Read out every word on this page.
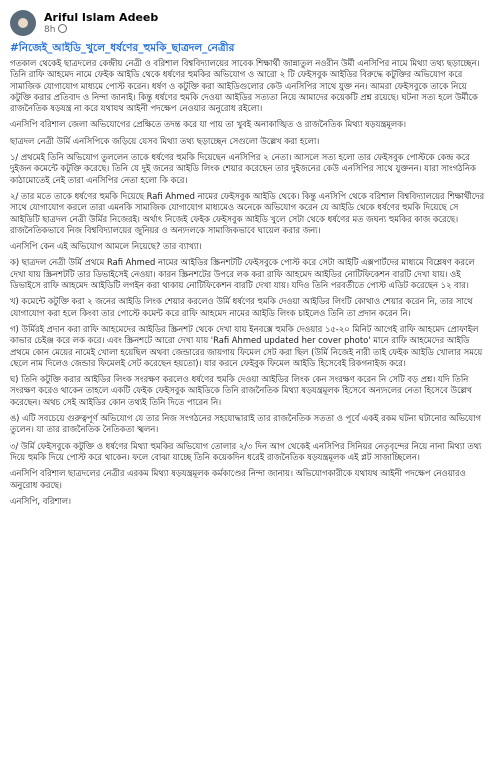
Ariful Islam Adeeb
8h
#নিজেই_আইডি_খুলে_ধর্ষণের_হুমকি_ছাত্রদল_নেত্রীর

গতকাল থেকেই ছাত্রদলের কেন্দ্রীয় নেত্রী ও বরিশাল বিশ্ববিদ্যালয়ের সাবেক শিক্ষার্থী জান্নাতুল নওরীন উর্মী এনসিপির নামে মিথ্যা তথ্য ছড়াচ্ছেন। তিনি রাফি আহমেদ নামে ফেইক আইডি থেকে ধর্ষণের হুমকির অভিযোগ ও আরো ২ টি ফেইসবুক আইডির বিরুদ্ধে কটুক্তির অভিযোগ করে সামাজিক যোগাযোগ মাধ্যমে পোস্ট করেন। ধর্ষণ ও কটুক্তি করা আইডিগুলোর কেউ এনসিপির সাথে যুক্ত নন। আমরা ফেইসবুকে তাকে নিয়ে কটুক্তি করার প্রতিবাদ ও নিন্দা জানাই। কিন্তু ধর্ষণের হুমকি দেওয়া আইডির সত্যতা নিয়ে আমাদের কয়েকটি প্রশ্ন রয়েছে। ঘটনা সত্য হলে উর্মীকে রাজনৈতিক ষড়যন্ত্র না করে যথাযথ আইনী পদক্ষেপ নেওয়ার অনুরোধ রইলো।

এনসিপি বরিশাল জেলা অভিযোগের প্রেক্ষিতে তদন্ত করে যা পায় তা খুবই অনাকাঙ্খিত ও রাজনৈতিক মিথ্যা ষড়যন্ত্রমূলক।

ছাত্রদল নেত্রী উর্মি এনসিপিকে জড়িয়ে যেসব মিথ্যা তথ্য ছড়াচ্ছেন সেগুলো উল্লেখ করা হলো।

১/ প্রথমেই তিনি অভিযোগ তুললেন তাকে ধর্ষণের হুমকি দিয়েছেন এনসিপির ২ নেতা। আসলে সত্য হলো তার ফেইসবুক পোস্টকে কেন্দ্র করে দুইজন কমেন্টে কটুক্তি করেছে। তিনি যে দুই জনের আইডি লিংক শেয়ার করেছেন তার দুইজনের কেউ এনসিপির সাথে যুক্তনন। যারা সাংগঠনিক কাঠামোতেই নেই তারা এনসিপির নেতা হলো কি করে।

২/ তার মতে তাকে ধর্ষণের হুমকি দিয়েছে Rafi Ahmed নামের ফেইসবুক আইডি থেকে। কিন্তু এনসিপি থেকে বরিশাল বিশ্ববিদ্যালয়ের শিক্ষার্থীদের সাথে যোগাযোগ করলে তারা এমনকি সামাজিক যোগাযোগ মাধ্যমেও অনেকে অভিযোগ করেন যে আইডি থেকে ধর্ষণের হুমকি দিয়েছে সে আইডিটি ছাত্রদল নেত্রী উর্মির নিজেরই। অর্থাৎ নিজেই ফেইক ফেইসবুক আইডি খুলে সেটা থেকে ধর্ষণের মত জঘন্য হুমকির কাজ করেছে। রাজনৈতিকভাবে নিজ বিশ্ববিদ্যালয়ের জুনিয়র ও অন্যদলকে সামাজিকভাবে ঘায়েল করার জন্য।

এনসিপি কেন এই অভিযোগ আমলে নিয়েছে? তার ব্যাখ্যা।

ক) ছাত্রদল নেত্রী উর্মি প্রথমে Rafi Ahmed নামের আইডির স্ক্রিনশটটি ফেইসবুকে পোস্ট করে সেটা আইটি এক্সপার্টদের মাধ্যমে বিশ্লেষণ করলে দেখা যায় স্ক্রিনশটটি তার ডিভাইসেই নেওয়া। কারন স্ক্রিনশটের উপরে লক করা রাফি আহমেদ আইডির নোটিফিকেশন বারটি দেখা যায়। ওই ডিভাইসে রাফি আহমেদ আইডিটি লগইন করা থাকায় নোটিফিকেশন বারটি দেখা যায়। যদিও তিনি পরবর্তীতে পোস্ট এডিট করেছেন ১২ বার।

খ) কমেন্টে কটুক্তি করা ২ জনের আইডি লিংক শেয়ার করলেও উর্মি ধর্ষণের হুমকি দেওয়া আইডির লিংটি কোথাও শেয়ার করেন নি, তার সাথে যোগাযোগ করা হলে কিংবা তার পোস্টে কমেন্ট করে রাফি আহমেদ নামের আইডি লিংক চাইলেও তিনি তা প্রদান করেন নি।

গ) উর্মিরই প্রদান করা রাফি আহমেদের আইডির স্ক্রিনশট থেকে দেখা যায় ইনবক্সে হুমকি দেওয়ার ১৫-২০ মিনিট আগেই রাফি আহমেদ প্রোফাইল কাভার চেইঞ্জ করে লক করে। এবং স্ক্রিনশটে আরো দেখা যায় 'Rafi Ahmed updated her cover photo' মানে রাফি আহমেদের আইডি প্রথমে কোন মেয়ের নামেই খোলা হয়েছিল অথবা জেন্ডারের জায়গায় ফিমেল সেট করা ছিল (উর্মি নিজেই নারী তাই ফেইক আইডি খোলার সময়ে ছেলে নাম দিলেও জেন্ডার ফিমেলই সেট করেছেন হয়তো)। যার করনে ফেইবুক ফিমেল আইডি হিসেবেই রিকগনাইজ করে।

ঘ) তিনি কটুক্তি করার আইডির লিংক সংরক্ষণ করলেও ধর্ষণের হুমকি দেওয়া আইডির লিংক কেন সংরক্ষণ করেন নি সেটি বড় প্রশ্ন। যদি তিনি সংরক্ষণ করেও থাকেন তাহলে একটি ফেইক ফেইসবুক আইডিকে তিনি রাজনৈতিক মিথ্যা ষড়যন্ত্রমূলক হিসেবে অন্যদলের নেতা হিসেবে উল্লেখ করেছেন। অথচ সেই আইডির কোন তথ্যই তিনি দিতে পারেন নি।

ঙ) এটি সবচেয়ে গুরুত্বপূর্ণ অভিযোগ যে তার নিজ সংগঠনের সহযোদ্ধারাই তার রাজনৈতিক সততা ও পূর্বে একই রকম ঘটনা ঘটানোর অভিযোগ তুলেন। যা তার রাজনৈতিক নৈতিকতা স্খলন।

৩/ উর্মি ফেইসবুকে কটুক্তি ও ধর্ষণের মিথ্যা হুমকির অভিযোগ তোলার ২/৩ দিন আগ থেকেই এনসিপির সিনিয়র নেতৃবৃন্দের নিয়ে নানা মিথ্যা তথ্য দিয়ে হুমকি দিয়ে পোস্ট করে থাকেন। ফলে বোঝা যাচ্ছে তিনি কয়েকদিন ধরেই রাজনৈতিক ষড়যন্ত্রমূলক এই প্লট সাজাচ্ছিলেন।

এনসিপি বরিশাল ছাত্রদলের নেত্রীর এরকম মিথ্যা ষড়যন্ত্রমূলক কর্মকাণ্ডের নিন্দা জানায়। অভিযোগকারীকে যথাযথ আইনী পদক্ষেপ নেওয়ারও অনুরোধ করছে।

এনসিপি, বরিশাল।
